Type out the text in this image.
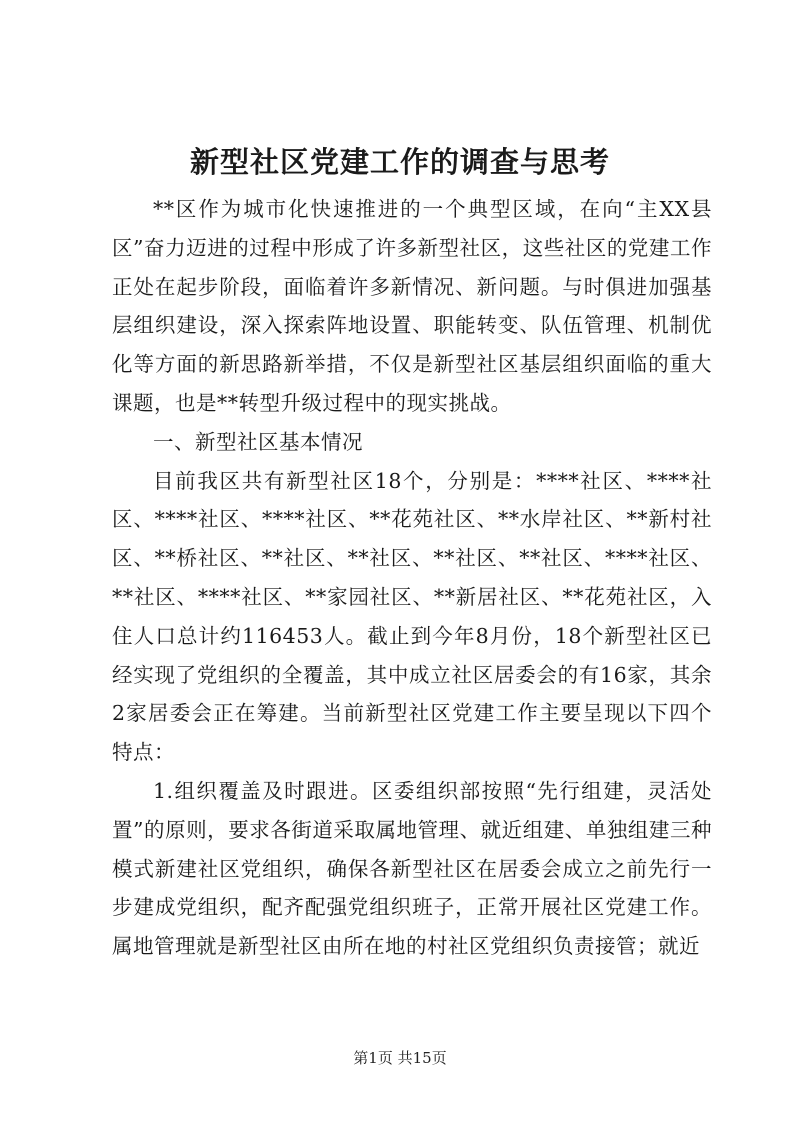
新型社区党建工作的调查与思考

**区作为城市化快速推进的一个典型区域，在向“主XX县区”奋力迈进的过程中形成了许多新型社区，这些社区的党建工作正处在起步阶段，面临着许多新情况、新问题。与时俱进加强基层组织建设，深入探索阵地设置、职能转变、队伍管理、机制优化等方面的新思路新举措，不仅是新型社区基层组织面临的重大课题，也是**转型升级过程中的现实挑战。

一、新型社区基本情况

目前我区共有新型社区18个，分别是：****社区、****社区、****社区、****社区、**花苑社区、**水岸社区、**新村社区、**桥社区、**社区、**社区、**社区、**社区、****社区、**社区、****社区、**家园社区、**新居社区、**花苑社区，入住人口总计约116453人。截止到今年8月份，18个新型社区已经实现了党组织的全覆盖，其中成立社区居委会的有16家，其余2家居委会正在筹建。当前新型社区党建工作主要呈现以下四个特点：

1.组织覆盖及时跟进。区委组织部按照“先行组建，灵活处置”的原则，要求各街道采取属地管理、就近组建、单独组建三种模式新建社区党组织，确保各新型社区在居委会成立之前先行一步建成党组织，配齐配强党组织班子，正常开展社区党建工作。属地管理就是新型社区由所在地的村社区党组织负责接管；就近

第1页 共15页
